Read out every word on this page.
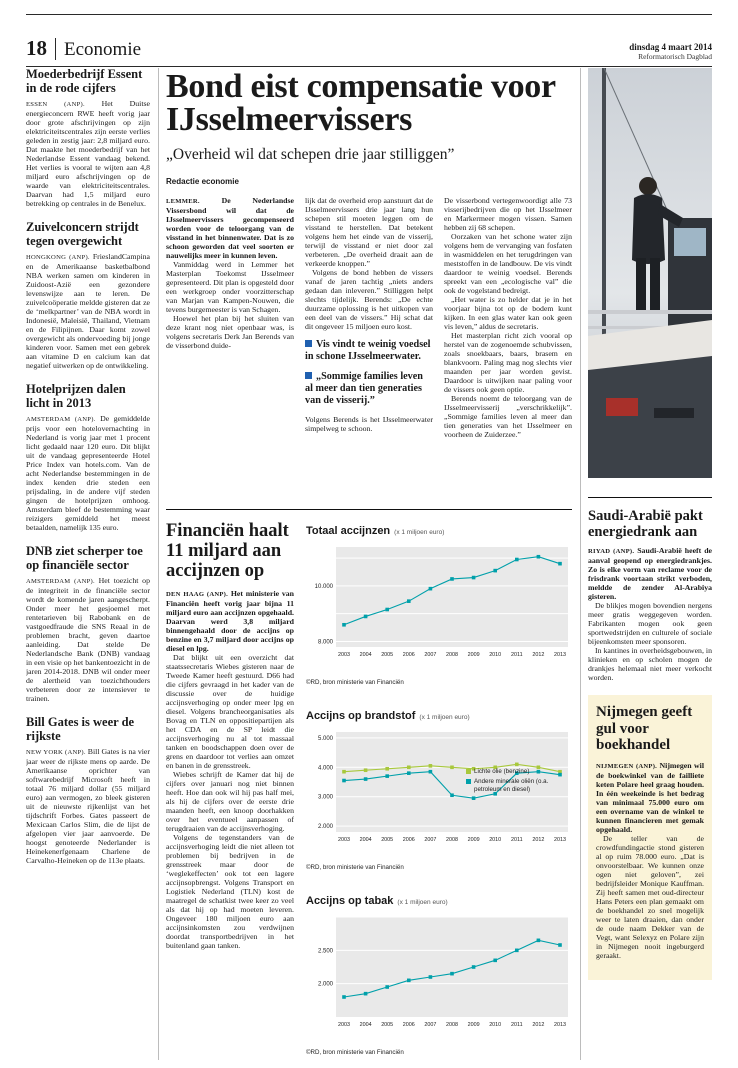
18 Economie	dinsdag 4 maart 2014
Reformatorisch Dagblad
Moederbedrijf Essent in de rode cijfers

ESSEN (ANP). Het Duitse energieconcern RWE heeft vorig jaar door grote afschrijvingen op zijn elektriciteitscentrales zijn eerste verlies geleden in zestig jaar: 2,8 miljard euro. Dat maakte het moederbedrijf van het Nederlandse Essent vandaag bekend. Het verlies is vooral te wijten aan 4,8 miljard euro afschrijvingen op de waarde van elektriciteitscentrales. Daarvan had 1,5 miljard euro betrekking op centrales in de Benelux.

Zuivelconcern strijdt tegen overgewicht

HONGKONG (ANP). FrieslandCampina en de Amerikaanse basketbalbond NBA werken samen om kinderen in Zuidoost-Azië een gezondere levenswijze aan te leren. De zuivelcoöperatie meldde gisteren dat ze de ‘melkpartner’ van de NBA wordt in Indonesië, Maleisië, Thailand, Vietnam en de Filipijnen. Daar komt zowel overgewicht als ondervoeding bij jonge kinderen voor. Samen met een gebrek aan vitamine D en calcium kan dat negatief uitwerken op de ontwikkeling.

Hotelprijzen dalen licht in 2013

AMSTERDAM (ANP). De gemiddelde prijs voor een hotelovernachting in Nederland is vorig jaar met 1 procent licht gedaald naar 120 euro. Dit blijkt uit de vandaag gepresenteerde Hotel Price Index van hotels.com. Van de acht Nederlandse bestemmingen in de index kenden drie steden een prijsdaling, in de andere vijf steden gingen de hotelprijzen omhoog. Amsterdam bleef de bestemming waar reizigers gemiddeld het meest betaalden, namelijk 135 euro.

DNB ziet scherper toe op financiële sector

AMSTERDAM (ANP). Het toezicht op de integriteit in de financiële sector wordt de komende jaren aangescherpt. Onder meer het gesjoemel met rentetarieven bij Rabobank en de vastgoedfraude die SNS Reaal in de problemen bracht, geven daartoe aanleiding. Dat stelde De Nederlandsche Bank (DNB) vandaag in een visie op het bankentoezicht in de jaren 2014-2018. DNB wil onder meer de alertheid van toezichthouders verbeteren door ze intensiever te trainen.

Bill Gates is weer de rijkste

NEW YORK (ANP). Bill Gates is na vier jaar weer de rijkste mens op aarde. De Amerikaanse oprichter van softwarebedrijf Microsoft heeft in totaal 76 miljard dollar (55 miljard euro) aan vermogen, zo bleek gisteren uit de nieuwste rijkenlijst van het tijdschrift Forbes. Gates passeert de Mexicaan Carlos Slim, die de lijst de afgelopen vier jaar aanvoerde. De hoogst genoteerde Nederlander is Heinekenerfgenaam Charlene de Carvalho-Heineken op de 113e plaats.

Bond eist compensatie voor IJsselmeervissers
„Overheid wil dat schepen drie jaar stilliggen”
Redactie economie

LEMMER.	De Nederlandse Vissersbond wil dat de IJsselmeervissers gecompenseerd worden voor de teloorgang van de visstand in het binnenwater. Dat is zo schoon geworden dat veel soorten er nauwelijks meer in kunnen leven.

Vanmiddag werd in Lemmer het Masterplan Toekomst IJsselmeer gepresenteerd. Dit plan is opgesteld door een werkgroep onder voorzitterschap van Marjan van Kampen-Nouwen, die tevens burgemeester is van Schagen.

Hoewel het plan bij het sluiten van deze krant nog niet openbaar was, is volgens secretaris Derk Jan Berends van de visserbond duide-

lijk dat de overheid erop aanstuurt dat de IJsselmeervissers drie jaar lang hun schepen stil moeten leggen om de visstand te herstellen. Dat betekent volgens hem het einde van de visserij, terwijl de visstand er niet door zal verbeteren. „De overheid draait aan de verkeerde knoppen.”

Volgens de bond hebben de vissers vanaf de jaren tachtig „niets anders gedaan dan inleveren.” Stilliggen helpt slechts tijdelijk. Berends: „De echte duurzame oplossing is het uitkopen van een deel van de vissers.” Hij schat dat dit ongeveer 15 miljoen euro kost.

Vis vindt te weinig voedsel in schone IJsselmeerwater.
„Sommige families leven al meer dan tien generaties van de visserij.”

Volgens Berends is het IJsselmeerwater simpelweg te schoon.

De visserbond vertegenwoordigt alle 73 visserijbedrijven die op het IJsselmeer en Markermeer mogen vissen. Samen hebben zij 68 schepen.

Oorzaken van het schone water zijn volgens hem de vervanging van fosfaten in wasmiddelen en het terugdringen van meststoffen in de landbouw. De vis vindt daardoor te weinig voedsel. Berends spreekt van een „ecologische val” die ook de vogelstand bedreigt.

„Het water is zo helder dat je in het voorjaar bijna tot op de bodem kunt kijken. In een glas water kan ook geen vis leven,” aldus de secretaris.

Het masterplan richt zich vooral op herstel van de zogenoemde schubvissen, zoals snoekbaars, baars, brasem en blankvoorn. Paling mag nog slechts vier maanden per jaar worden gevist. Daardoor is uitwijken naar paling voor de vissers ook geen optie.

Berends noemt de teloorgang van de IJsselmeervisserij „verschrikkelijk”. „Sommige families leven al meer dan tien generaties van het IJsselmeer en voorheen de Zuiderzee.”

Financiën haalt 11 miljard aan accijnzen op

DEN HAAG (ANP). Het ministerie van Financiën heeft vorig jaar bijna 11 miljard euro aan accijnzen opgehaald. Daarvan werd 3,8 miljard binnengehaald door de accijns op benzine en 3,7 miljard door accijns op diesel en lpg.

Dat blijkt uit een overzicht dat staatssecretaris Wiebes gisteren naar de Tweede Kamer heeft gestuurd. D66 had die cijfers gevraagd in het kader van de discussie over de huidige accijnsverhoging op onder meer lpg en diesel. Volgens brancheorganisaties als Bovag en TLN en oppositiepartijen als het CDA en de SP leidt die accijnsverhoging nu al tot massaal tanken en boodschappen doen over de grens en daardoor tot verlies aan omzet en banen in de grensstreek.

Wiebes schrijft de Kamer dat hij de cijfers over januari nog niet binnen heeft. Hoe dan ook wil hij pas half mei, als hij de cijfers over de eerste drie maanden heeft, een knoop doorhakken over het eventueel aanpassen of terugdraaien van de accijnsverhoging.

Volgens de tegenstanders van de accijnsverhoging leidt die niet alleen tot problemen bij bedrijven in de grensstreek maar door de ‘weglekeffecten’ ook tot een lagere accijnsopbrengst. Volgens Transport en Logistiek Nederland (TLN) kost de maatregel de schatkist twee keer zo veel als dat hij op had moeten leveren. Ongeveer 180 miljoen euro aan accijnsinkomsten zou verdwijnen doordat transportbedrijven in het buitenland gaan tanken.

Totaal accijnzen (x 1 miljoen euro)
10.000
8.000
2003 2004 2005 2006 2007 2008 2009 2010 2011 2012 2013
©RD, bron ministerie van Financiën
Accijns op brandstof (x 1 miljoen euro)
5.000
4.000
3.000
2.000
2003 2004 2005 2006 2007 2008 2009 2010 2011 2012 2013
Lichte olie (benzine)
Andere minerale oliën (o.a. petroleum en diesel)
©RD, bron ministerie van Financiën
Accijns op tabak (x 1 miljoen euro)
2.500
2.000
2003 2004 2005 2006 2007 2008 2009 2010 2011 2012 2013
©RD, bron ministerie van Financiën
Saudi-Arabië pakt energiedrank aan

RIYAD (ANP). Saudi-Arabië heeft de aanval geopend op energiedrankjes. Zo is elke vorm van reclame voor de frisdrank voortaan strikt verboden, meldde de zender Al-Arabiya gisteren.

De blikjes mogen bovendien nergens meer gratis weggegeven worden. Fabrikanten mogen ook geen sportwedstrijden en culturele of sociale bijeenkomsten meer sponsoren.

In kantines in overheidsgebouwen, in klinieken en op scholen mogen de drankjes helemaal niet meer verkocht worden.

Nijmegen geeft gul voor boekhandel

NIJMEGEN (ANP). Nijmegen wil de boekwinkel van de failliete keten Polare heel graag houden. In één weekeinde is het bedrag van minimaal 75.000 euro om een overname van de winkel te kunnen financieren met gemak opgehaald.

De teller van de crowdfundingactie stond gisteren al op ruim 78.000 euro. „Dat is onvoorstelbaar. We kunnen onze ogen niet geloven”, zei bedrijfsleider Monique Kauffman. Zij heeft samen met oud-directeur Hans Peters een plan gemaakt om de boekhandel zo snel mogelijk weer te laten draaien, dan onder de oude naam Dekker van de Vegt, want Selexyz en Polare zijn in Nijmegen nooit ingeburgerd geraakt.
